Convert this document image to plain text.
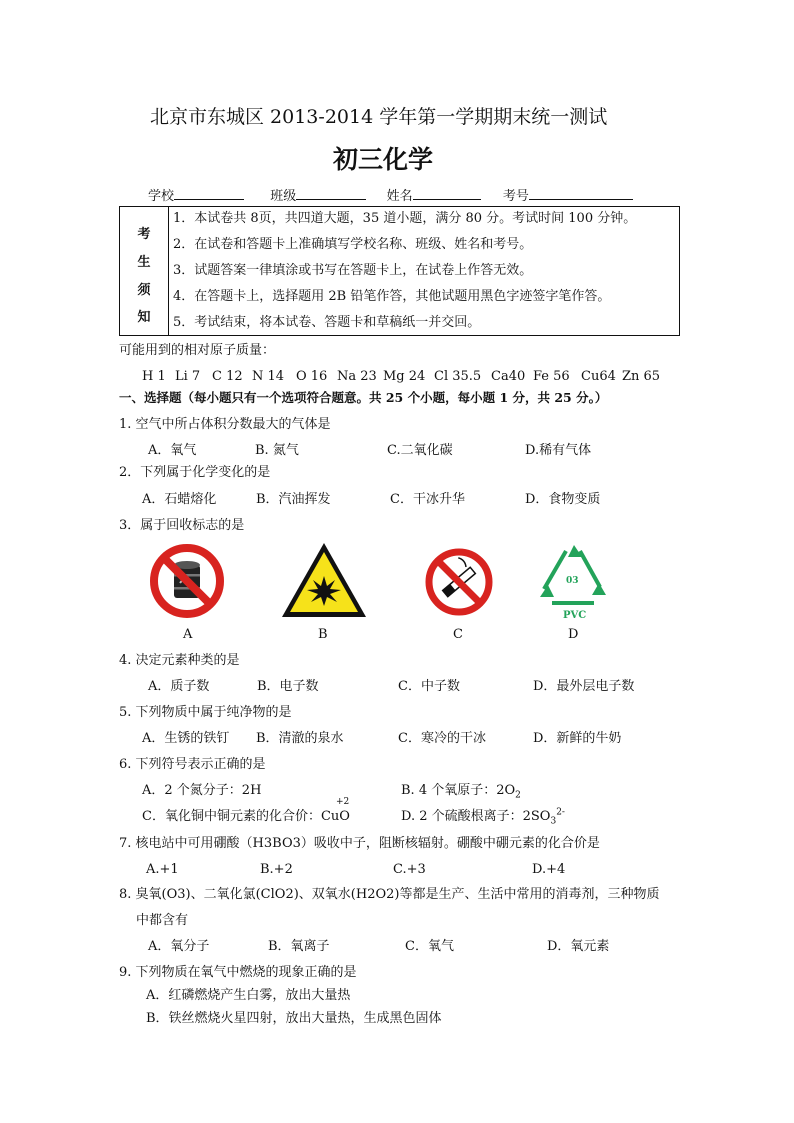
北京市东城区 2013-2014 学年第一学期期末统一测试
初三化学
学校	班级	姓名	考号
考
生
须
知
1．本试卷共 8页，共四道大题，35 道小题，满分 80 分。考试时间 100 分钟。
2．在试卷和答题卡上准确填写学校名称、班级、姓名和考号。
3．试题答案一律填涂或书写在答题卡上，在试卷上作答无效。
4．在答题卡上，选择题用 2B 铅笔作答，其他试题用黑色字迹签字笔作答。
5．考试结束，将本试卷、答题卡和草稿纸一并交回。
可能用到的相对原子质量：
H 1 Li 7 C 12 N 14 O 16 Na 23 Mg 24 Cl 35.5 Ca40 Fe 56 Cu64 Zn 65
一、选择题（每小题只有一个选项符合题意。共 25 个小题，每小题 1 分，共 25 分。）
1. 空气中所占体积分数最大的气体是
A．氧气	B. 氮气	C.二氧化碳	D.稀有气体
2．下列属于化学变化的是
A．石蜡熔化	B．汽油挥发	C．干冰升华	D．食物变质
3．属于回收标志的是
A	B	C
03
PVC
D
4. 决定元素种类的是
A．质子数	B．电子数	C．中子数	D．最外层电子数
5. 下列物质中属于纯净物的是
A．生锈的铁钉 B．清澈的泉水	C．寒冷的干冰	D．新鲜的牛奶
6. 下列符号表示正确的是
A．2 个氮分子：2H	B. 4 个氧原子：$2O_2$
+2
C．氧化铜中铜元素的化合价：CuO	D. 2 个硫酸根离子：$2SO_3^{2-}$
7. 核电站中可用硼酸（H3BO3）吸收中子，阻断核辐射。硼酸中硼元素的化合价是
A.+1	B.+2	C.+3	D.+4
8. 臭氧(O3)、二氧化氯(ClO2)、双氧水(H2O2)等都是生产、生活中常用的消毒剂，三种物质
中都含有
A．氧分子	B．氧离子	C．氧气	D．氧元素
9. 下列物质在氧气中燃烧的现象正确的是
A．红磷燃烧产生白雾，放出大量热
B．铁丝燃烧火星四射，放出大量热，生成黑色固体
